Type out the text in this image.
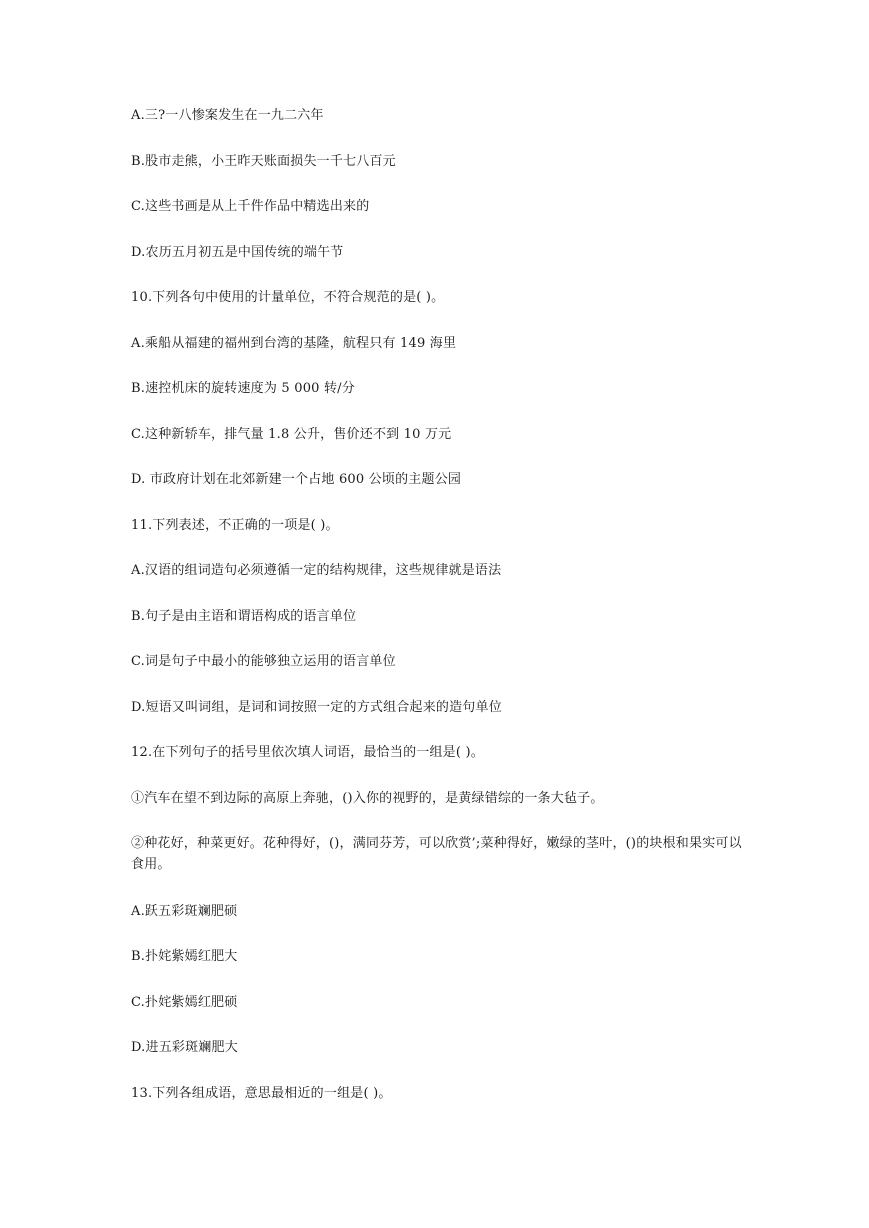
A.三?一八惨案发生在一九二六年
B.股市走熊，小王昨天账面损失一千七八百元
C.这些书画是从上千件作品中精选出来的
D.农历五月初五是中国传统的端午节
10.下列各句中使用的计量单位，不符合规范的是( )。
A.乘船从福建的福州到台湾的基隆，航程只有 149 海里
B.速控机床的旋转速度为 5 000 转/分
C.这种新轿车，排气量 1.8 公升，售价还不到 10 万元
D. 市政府计划在北郊新建一个占地 600 公顷的主题公园
11.下列表述，不正确的一项是( )。
A.汉语的组词造句必须遵循一定的结构规律，这些规律就是语法
B.句子是由主语和谓语构成的语言单位
C.词是句子中最小的能够独立运用的语言单位
D.短语又叫词组，是词和词按照一定的方式组合起来的造句单位
12.在下列句子的括号里依次填人词语，最恰当的一组是( )。
①汽车在望不到边际的高原上奔驰，()入你的视野的，是黄绿错综的一条大毡子。
②种花好，种菜更好。花种得好，()，满同芬芳，可以欣赏’;菜种得好，嫩绿的茎叶，()的块根和果实可以食用。
A.跃五彩斑斓肥硕
B.扑姹紫嫣红肥大
C.扑姹紫嫣红肥硕
D.进五彩斑斓肥大
13.下列各组成语，意思最相近的一组是( )。
